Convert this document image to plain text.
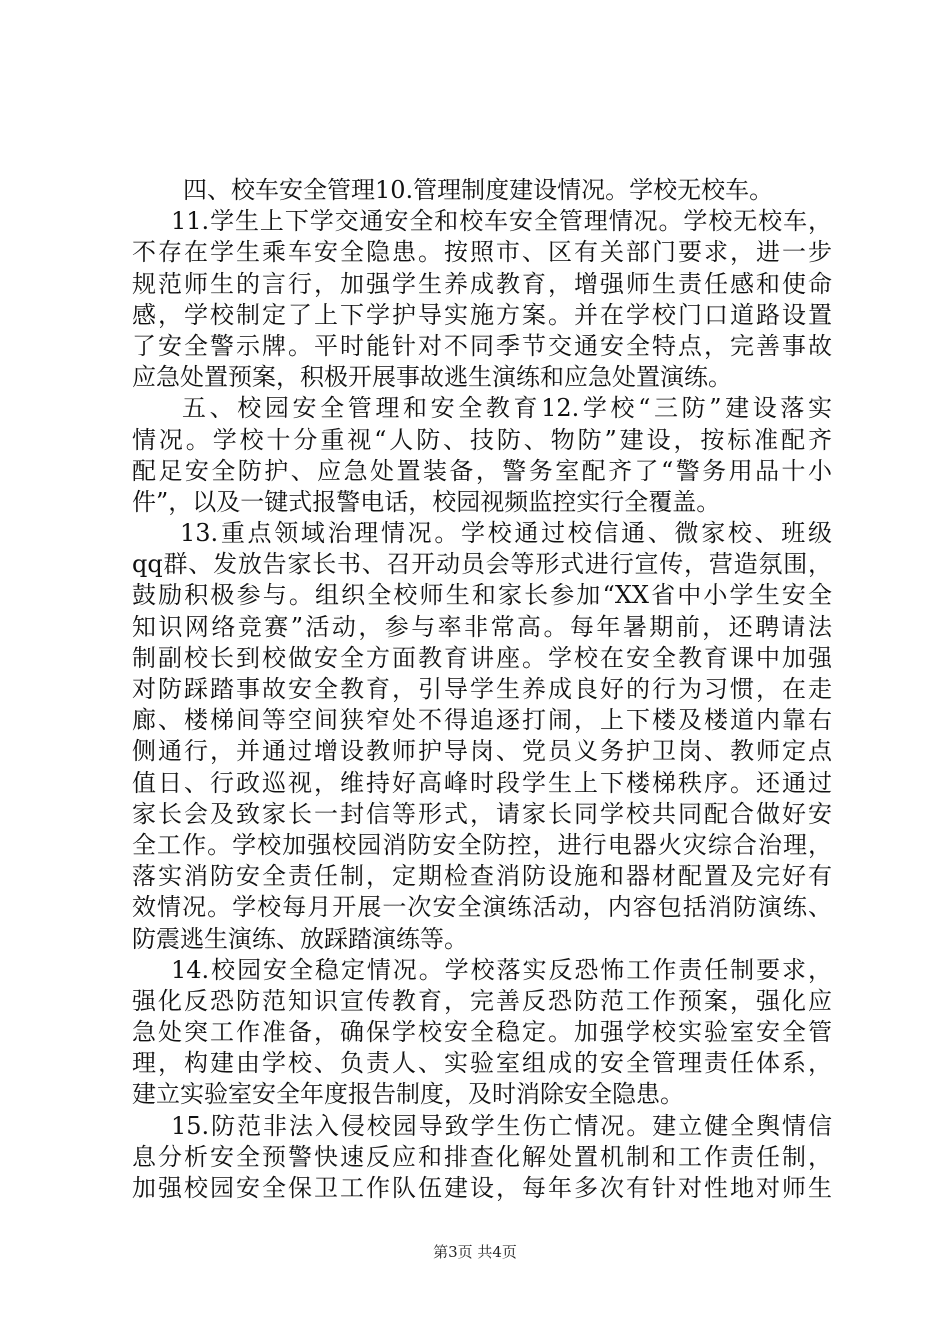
四、校车安全管理10.管理制度建设情况。学校无校车。
11.学生上下学交通安全和校车安全管理情况。学校无校车，
不存在学生乘车安全隐患。按照市、区有关部门要求，进一步
规范师生的言行，加强学生养成教育，增强师生责任感和使命
感，学校制定了上下学护导实施方案。并在学校门口道路设置
了安全警示牌。平时能针对不同季节交通安全特点，完善事故
应急处置预案，积极开展事故逃生演练和应急处置演练。
五、校园安全管理和安全教育12.学校“三防”建设落实
情况。学校十分重视“人防、技防、物防”建设，按标准配齐
配足安全防护、应急处置装备，警务室配齐了“警务用品十小
件”，以及一键式报警电话，校园视频监控实行全覆盖。
13.重点领域治理情况。学校通过校信通、微家校、班级
qq群、发放告家长书、召开动员会等形式进行宣传，营造氛围，
鼓励积极参与。组织全校师生和家长参加“XX省中小学生安全
知识网络竞赛”活动，参与率非常高。每年暑期前，还聘请法
制副校长到校做安全方面教育讲座。学校在安全教育课中加强
对防踩踏事故安全教育，引导学生养成良好的行为习惯，在走
廊、楼梯间等空间狭窄处不得追逐打闹，上下楼及楼道内靠右
侧通行，并通过增设教师护导岗、党员义务护卫岗、教师定点
值日、行政巡视，维持好高峰时段学生上下楼梯秩序。还通过
家长会及致家长一封信等形式，请家长同学校共同配合做好安
全工作。学校加强校园消防安全防控，进行电器火灾综合治理，
落实消防安全责任制，定期检查消防设施和器材配置及完好有
效情况。学校每月开展一次安全演练活动，内容包括消防演练、
防震逃生演练、放踩踏演练等。
14.校园安全稳定情况。学校落实反恐怖工作责任制要求，
强化反恐防范知识宣传教育，完善反恐防范工作预案，强化应
急处突工作准备，确保学校安全稳定。加强学校实验室安全管
理，构建由学校、负责人、实验室组成的安全管理责任体系，
建立实验室安全年度报告制度，及时消除安全隐患。
15.防范非法入侵校园导致学生伤亡情况。建立健全舆情信
息分析安全预警快速反应和排查化解处置机制和工作责任制，
加强校园安全保卫工作队伍建设，每年多次有针对性地对师生
第3页 共4页
